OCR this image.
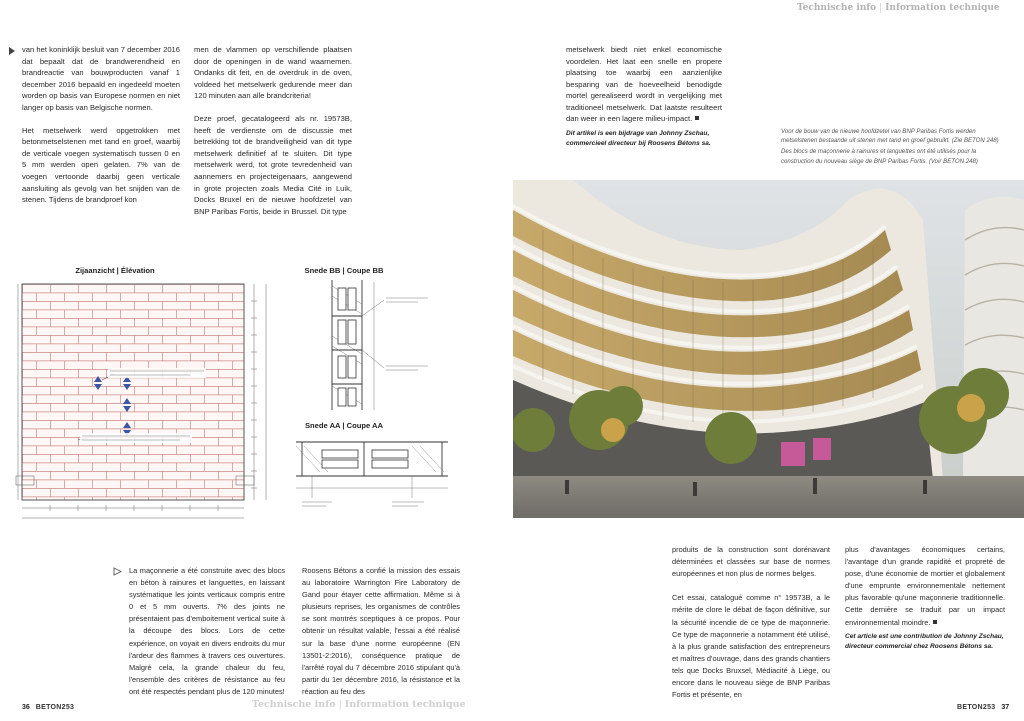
Technische info | Information technique

van het koninklijk besluit van 7 december 2016 dat bepaalt dat de brandwerendheid en brandreactie van bouwproducten vanaf 1 december 2016 bepaald en ingedeeld moeten worden op basis van Europese normen en niet langer op basis van Belgische normen.

Het metselwerk werd opgetrokken met betonmetselstenen met tand en groef, waarbij de verticale voegen systematisch tussen 0 en 5 mm werden open gelaten. 7% van de voegen vertoonde daarbij geen verticale aansluiting als gevolg van het snijden van de stenen. Tijdens de brandproef kon

men de vlammen op verschillende plaatsen door de openingen in de wand waarnemen. Ondanks dit feit, en de overdruk in de oven, voldeed het metselwerk gedurende meer dan 120 minuten aan alle brandcriteria!

Deze proef, gecatalogeerd als nr. 19573B, heeft de verdienste om de discussie met betrekking tot de brandveiligheid van dit type metselwerk definitief af te sluiten. Dit type metselwerk werd, tot grote tevredenheid van aannemers en projecteigenaars, aangewend in grote projecten zoals Media Cité in Luik, Docks Bruxel en de nieuwe hoofdzetel van BNP Paribas Fortis, beide in Brussel. Dit type

metselwerk biedt niet enkel economische voordelen. Het laat een snelle en propere plaatsing toe waarbij een aanzienlijke besparing van de hoeveelheid benodigde mortel gerealiseerd wordt in vergelijking met traditioneel metselwerk. Dat laatste resulteert dan weer in een lagere milieu-impact.

Dit artikel is een bijdrage van Johnny Zschau, commercieel directeur bij Roosens Bétons sa.
Voor de bouw van de nieuwe hoofdzetel van BNP Paribas Fortis werden metselstenen bestaande uit stenen met tand en groef gebruikt. (Zie BETON 248)
Des blocs de maçonnerie à rainures et languettes ont été utilisés pour la construction du nouveau siège de BNP Paribas Fortis. (Voir BETON 248)
Zijaanzicht | Élévation	Snede BB | Coupe BB
Snede AA | Coupe AA

La maçonnerie a été construite avec des blocs en béton à rainures et languettes, en laissant systématique les joints verticaux compris entre 0 et 5 mm ouverts. 7% des joints ne présentaient pas d'emboitement vertical suite à la découpe des blocs. Lors de cette expérience, on voyait en divers endroits du mur l'ardeur des flammes à travers ces ouvertures. Malgré cela, la grande chaleur du feu, l'ensemble des critères de résistance au feu ont été respectés pendant plus de 120 minutes!

Roosens Bétons a confié la mission des essais au laboratoire Warrington Fire Laboratory de Gand pour étayer cette affirmation. Même si à plusieurs reprises, les organismes de contrôles se sont montrés sceptiques à ce propos. Pour obtenir un résultat valable, l'essai a été réalisé sur la base d'une norme européenne (EN 13501-2:2016), conséquence pratique de l'arrêté royal du 7 décembre 2016 stipulant qu'à partir du 1er décembre 2016, la résistance et la réaction au feu des

produits de la construction sont dorénavant déterminées et classées sur base de normes européennes et non plus de normes belges.

Cet essai, catalogué comme n° 19573B, a le mérite de clore le débat de façon définitive, sur la sécurité incendie de ce type de maçonnerie. Ce type de maçonnerie a notamment été utilisé, à la plus grande satisfaction des entrepreneurs et maîtres d'ouvrage, dans des grands chantiers tels que Docks Bruxsel, Médiacité à Liège, ou encore dans le nouveau siège de BNP Paribas Fortis et présente, en

plus d'avantages économiques certains, l'avantage d'un grande rapidité et propreté de pose, d'une économie de mortier et globalement d'une emprunte environnementale nettement plus favorable qu'une maçonnerie traditionnelle. Cette dernière se traduit par un impact environnemental moindre.

Cet article est une contribution de Johnny Zschau, directeur commercial chez Roosens Bétons sa.
36 BETON253	Technische info | Information technique	BETON253 37
